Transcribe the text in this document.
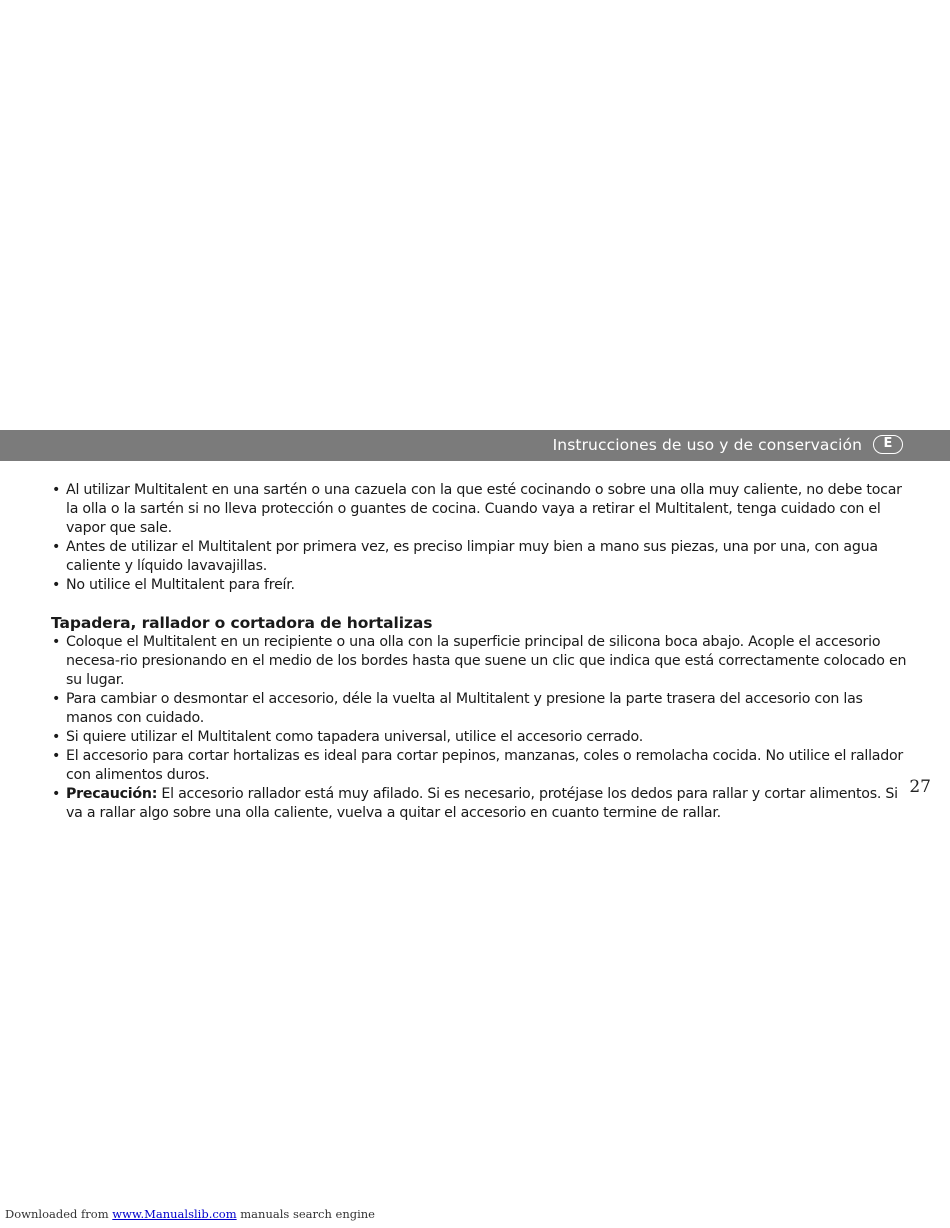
Instrucciones de uso y de conservación	E
• Al utilizar Multitalent en una sartén o una cazuela con la que esté cocinando o sobre una olla muy caliente, no debe tocar la olla o la sartén si no lleva protección o guantes de cocina. Cuando vaya a retirar el Multitalent, tenga cuidado con el vapor que sale.
• Antes de utilizar el Multitalent por primera vez, es preciso limpiar muy bien a mano sus piezas, una por una, con agua caliente y líquido lavavajillas.
• No utilice el Multitalent para freír.
Tapadera, rallador o cortadora de hortalizas
• Coloque el Multitalent en un recipiente o una olla con la superficie principal de silicona boca abajo. Acople el accesorio necesa-rio presionando en el medio de los bordes hasta que suene un clic que indica que está correctamente colocado en su lugar.
• Para cambiar o desmontar el accesorio, déle la vuelta al Multitalent y presione la parte trasera del accesorio con las manos con cuidado.
• Si quiere utilizar el Multitalent como tapadera universal, utilice el accesorio cerrado.
• El accesorio para cortar hortalizas es ideal para cortar pepinos, manzanas, coles o remolacha cocida. No utilice el rallador con alimentos duros.
• Precaución: El accesorio rallador está muy afilado. Si es necesario, protéjase los dedos para rallar y cortar alimentos. Si va a rallar algo sobre una olla caliente, vuelva a quitar el accesorio en cuanto termine de rallar.
27
Downloaded from www.Manualslib.com manuals search engine
